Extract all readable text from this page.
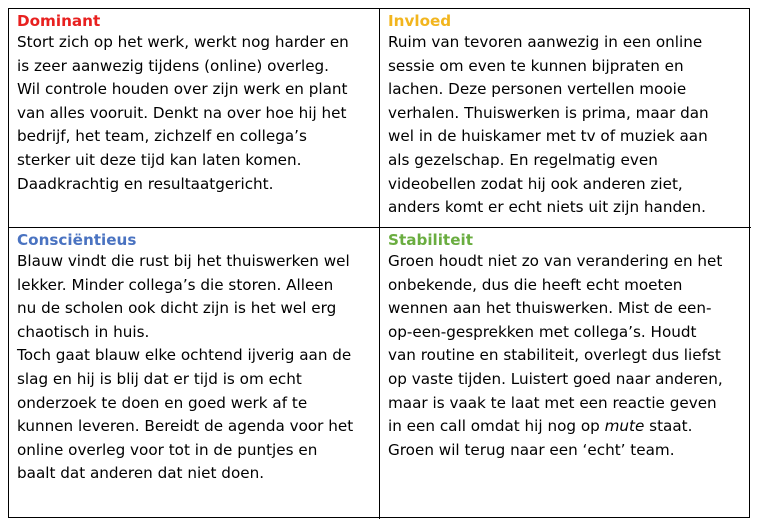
Dominant
Stort zich op het werk, werkt nog harder en
is zeer aanwezig tijdens (online) overleg.
Wil controle houden over zijn werk en plant
van alles vooruit. Denkt na over hoe hij het
bedrijf, het team, zichzelf en collega’s
sterker uit deze tijd kan laten komen.
Daadkrachtig en resultaatgericht.
Invloed
Ruim van tevoren aanwezig in een online
sessie om even te kunnen bijpraten en
lachen. Deze personen vertellen mooie
verhalen. Thuiswerken is prima, maar dan
wel in de huiskamer met tv of muziek aan
als gezelschap. En regelmatig even
videobellen zodat hij ook anderen ziet,
anders komt er echt niets uit zijn handen.
Consciëntieus
Blauw vindt die rust bij het thuiswerken wel
lekker. Minder collega’s die storen. Alleen
nu de scholen ook dicht zijn is het wel erg
chaotisch in huis.
Toch gaat blauw elke ochtend ijverig aan de
slag en hij is blij dat er tijd is om echt
onderzoek te doen en goed werk af te
kunnen leveren. Bereidt de agenda voor het
online overleg voor tot in de puntjes en
baalt dat anderen dat niet doen.
Stabiliteit
Groen houdt niet zo van verandering en het
onbekende, dus die heeft echt moeten
wennen aan het thuiswerken. Mist de een-
op-een-gesprekken met collega’s. Houdt
van routine en stabiliteit, overlegt dus liefst
op vaste tijden. Luistert goed naar anderen,
maar is vaak te laat met een reactie geven
in een call omdat hij nog op mute staat.
Groen wil terug naar een ‘echt’ team.
